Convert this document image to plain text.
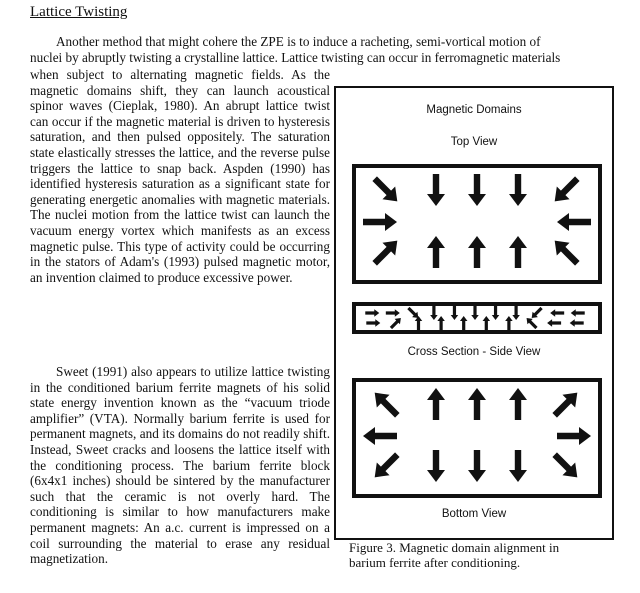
Lattice Twisting
Another method that might cohere the ZPE is to induce a racheting, semi-vortical motion of
nuclei by abruptly twisting a crystalline lattice. Lattice twisting can occur in ferromagnetic materials

when subject to alternating magnetic fields. As the magnetic domains shift, they can launch acoustical spinor waves (Cieplak, 1980). An abrupt lattice twist can occur if the magnetic material is driven to hysteresis saturation, and then pulsed oppositely. The saturation state elastically stresses the lattice, and the reverse pulse triggers the lattice to snap back. Aspden (1990) has identified hysteresis saturation as a significant state for generating energetic anomalies with magnetic materials. The nuclei motion from the lattice twist can launch the vacuum energy vortex which manifests as an excess magnetic pulse. This type of activity could be occurring in the stators of Adam's (1993) pulsed magnetic motor, an invention claimed to produce excessive power.

Sweet (1991) also appears to utilize lattice twisting in the conditioned barium ferrite magnets of his solid state energy invention known as the “vacuum triode amplifier” (VTA). Normally barium ferrite is used for permanent magnets, and its domains do not readily shift. Instead, Sweet cracks and loosens the lattice itself with the conditioning process. The barium ferrite block (6x4x1 inches) should be sintered by the manufacturer such that the ceramic is not overly hard. The conditioning is similar to how manufacturers make permanent magnets: An a.c. current is impressed on a coil surrounding the material to erase any residual magnetization.

Magnetic Domains
Top View
Cross Section - Side View
Bottom View
Figure 3. Magnetic domain alignment in
barium ferrite after conditioning.
